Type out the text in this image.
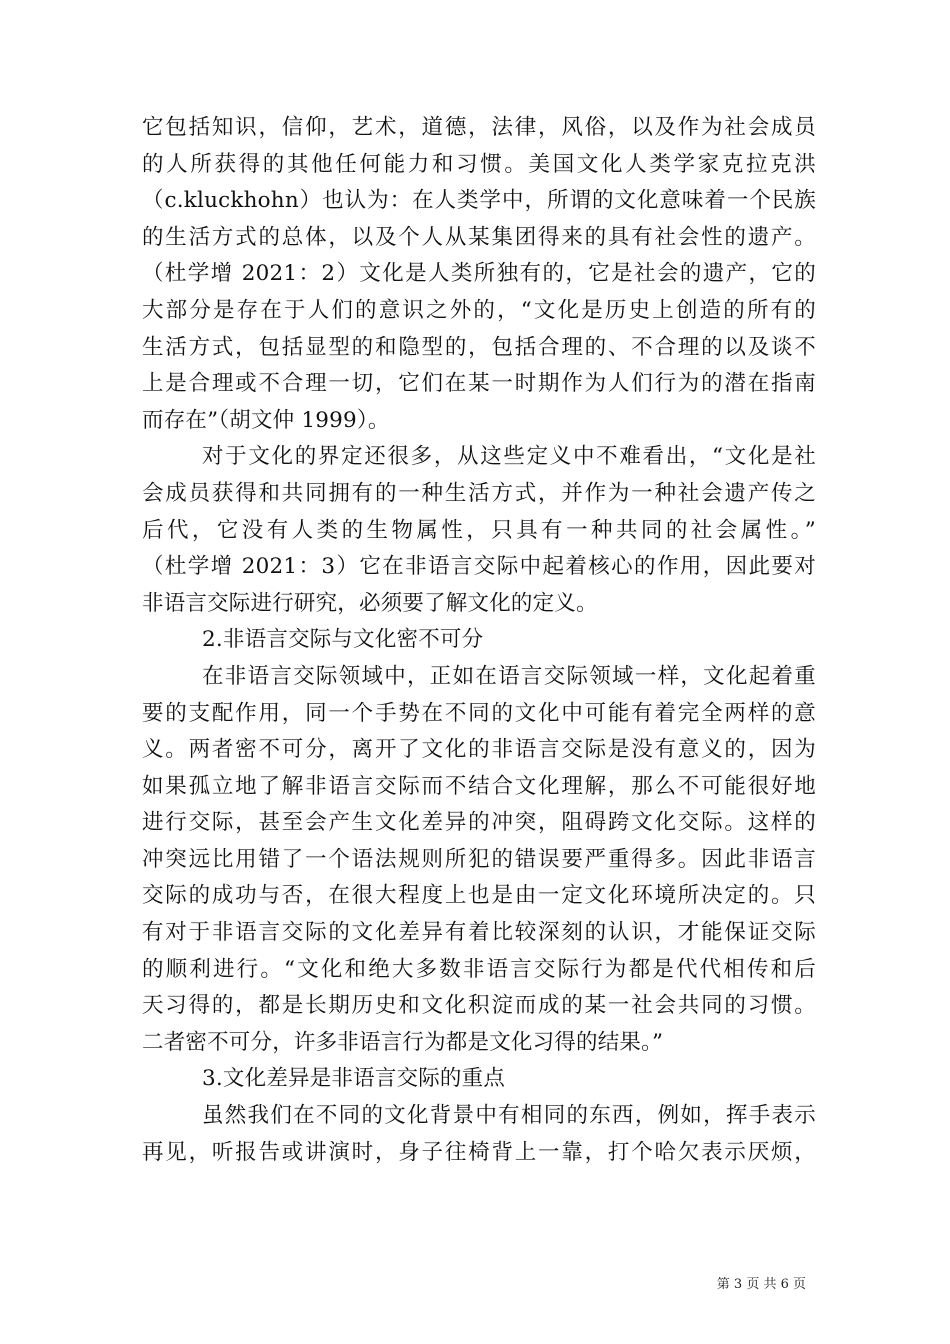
它包括知识，信仰，艺术，道德，法律，风俗，以及作为社会成员
的人所获得的其他任何能力和习惯。美国文化人类学家克拉克洪
（c.kluckhohn）也认为：在人类学中，所谓的文化意味着一个民族
的生活方式的总体，以及个人从某集团得来的具有社会性的遗产。
（杜学增 2021：2）文化是人类所独有的，它是社会的遗产，它的
大部分是存在于人们的意识之外的，“文化是历史上创造的所有的
生活方式，包括显型的和隐型的，包括合理的、不合理的以及谈不
上是合理或不合理一切，它们在某一时期作为人们行为的潜在指南
而存在”（胡文仲 1999）。
对于文化的界定还很多，从这些定义中不难看出，“文化是社
会成员获得和共同拥有的一种生活方式，并作为一种社会遗产传之
后代，它没有人类的生物属性，只具有一种共同的社会属性。”
（杜学增 2021：3）它在非语言交际中起着核心的作用，因此要对
非语言交际进行研究，必须要了解文化的定义。
2.非语言交际与文化密不可分
在非语言交际领域中，正如在语言交际领域一样，文化起着重
要的支配作用，同一个手势在不同的文化中可能有着完全两样的意
义。两者密不可分，离开了文化的非语言交际是没有意义的，因为
如果孤立地了解非语言交际而不结合文化理解，那么不可能很好地
进行交际，甚至会产生文化差异的冲突，阻碍跨文化交际。这样的
冲突远比用错了一个语法规则所犯的错误要严重得多。因此非语言
交际的成功与否，在很大程度上也是由一定文化环境所决定的。只
有对于非语言交际的文化差异有着比较深刻的认识，才能保证交际
的顺利进行。“文化和绝大多数非语言交际行为都是代代相传和后
天习得的，都是长期历史和文化积淀而成的某一社会共同的习惯。
二者密不可分，许多非语言行为都是文化习得的结果。”
3.文化差异是非语言交际的重点
虽然我们在不同的文化背景中有相同的东西，例如，挥手表示
再见，听报告或讲演时，身子往椅背上一靠，打个哈欠表示厌烦，
第 3 页 共 6 页
